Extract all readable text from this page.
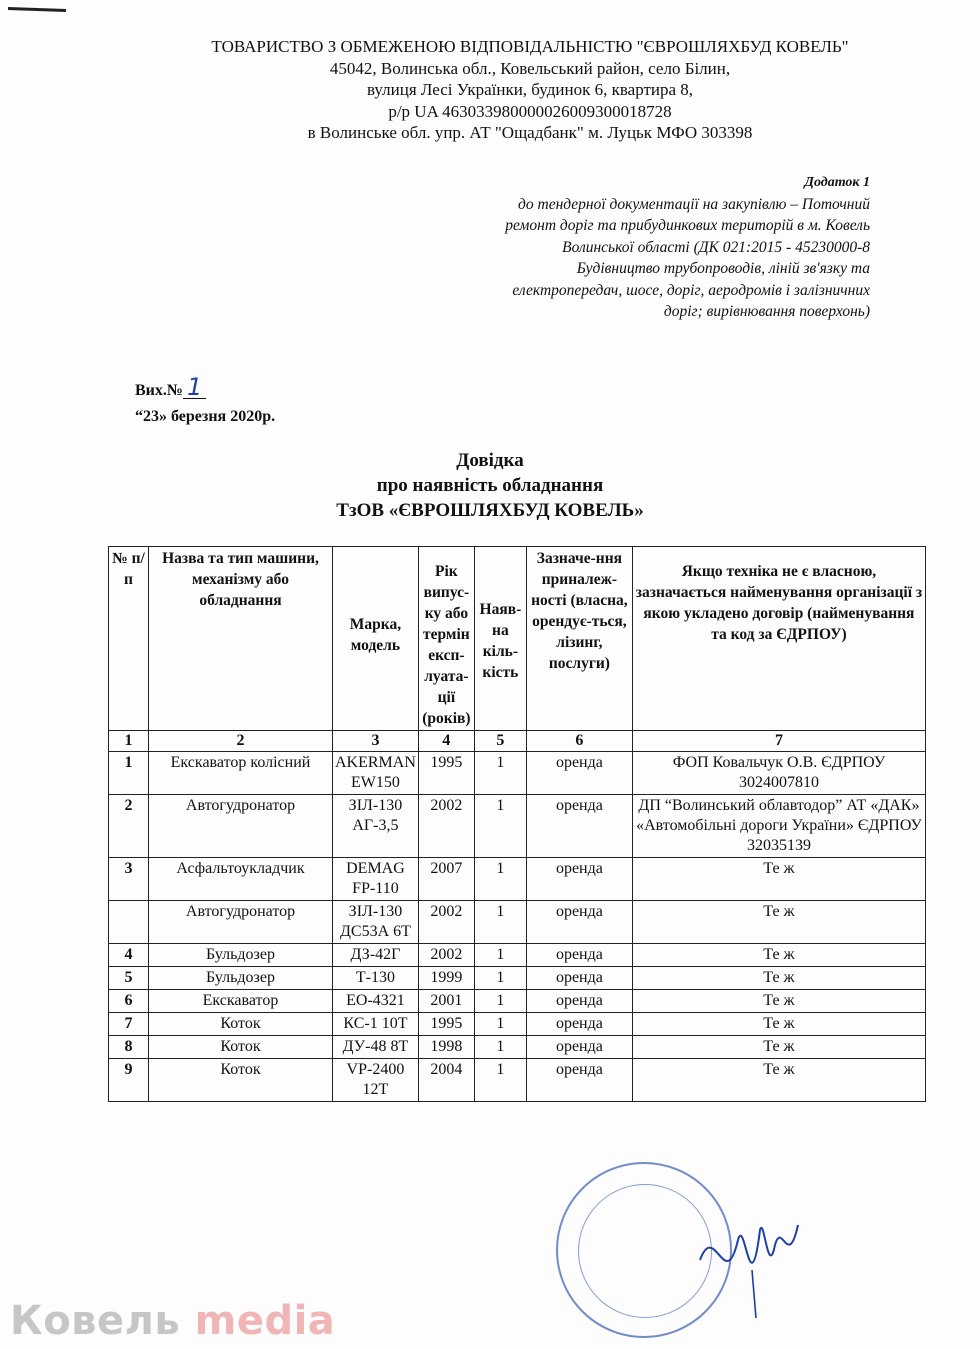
ТОВАРИСТВО З ОБМЕЖЕНОЮ ВІДПОВІДАЛЬНІСТЮ "ЄВРОШЛЯХБУД КОВЕЛЬ"
45042, Волинська обл., Ковельський район, село Білин,
вулиця Лесі Українки, будинок 6, квартира 8,
р/р UA 463033980000026009300018728
в Волинське обл. упр. АТ "Ощадбанк" м. Луцьк МФО 303398
Додаток 1
до тендерної документації на закупівлю – Поточний
ремонт доріг та прибудинкових територій в м. Ковель
Волинської області (ДК 021:2015 - 45230000-8
Будівництво трубопроводів, ліній зв'язку та
електропередач, шосе, доріг, аеродромів і залізничних
доріг; вирівнювання поверхонь)
Вих.№ 1
“23» березня 2020р.
Довідка
про наявність обладнання
ТзОВ «ЄВРОШЛЯХБУД КОВЕЛЬ»
№ п/п	Назва та тип машини, механізму або обладнання	Марка, модель	Рік випус-ку або термін експ-луата-ції (років)	Наяв-на кіль-кість	Зазначе-ння приналеж-ності (власна, орендує-ться, лізинг, послуги)	Якщо техніка не є власною, зазначається найменування організації з якою укладено договір (найменування та код за ЄДРПОУ)
1	2	3	4	5	6	7
1	Екскаватор колісний	AKERMAN EW150	1995	1	оренда	ФОП Ковальчук О.В. ЄДРПОУ 3024007810
2	Автогудронатор	ЗІЛ-130 АГ-3,5	2002	1	оренда	ДП “Волинський облавтодор” АТ «ДАК» «Автомобільні дороги України» ЄДРПОУ 32035139
3	Асфальтоукладчик	DEMAG FP-110	2007	1	оренда	Те ж
	Автогудронатор	ЗІЛ-130 ДС53А 6Т	2002	1	оренда	Те ж
4	Бульдозер	ДЗ-42Г	2002	1	оренда	Те ж
5	Бульдозер	Т-130	1999	1	оренда	Те ж
6	Екскаватор	ЕО-4321	2001	1	оренда	Те ж
7	Коток	КС-1 10Т	1995	1	оренда	Те ж
8	Коток	ДУ-48 8Т	1998	1	оренда	Те ж
9	Коток	VP-2400 12Т	2004	1	оренда	Те ж
Ковель media
